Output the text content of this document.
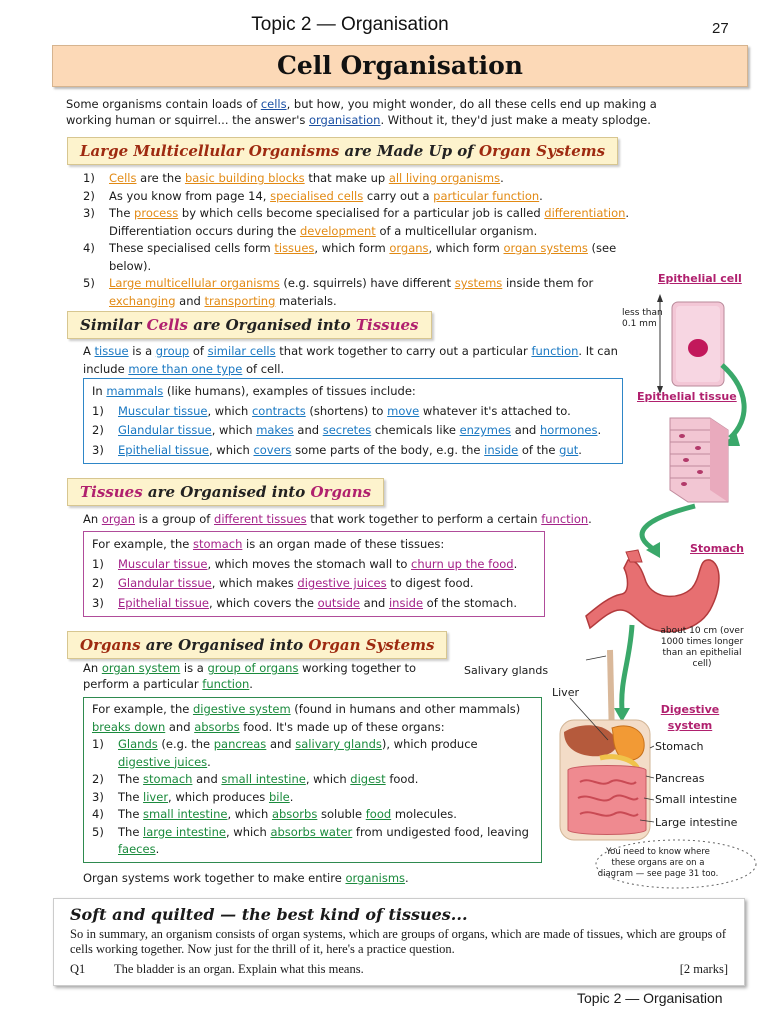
Topic 2 — Organisation	27
Cell Organisation
Some organisms contain loads of cells, but how, you might wonder, do all these cells end up making a working human or squirrel... the answer's organisation. Without it, they'd just make a meaty splodge.
Large Multicellular Organisms are Made Up of Organ Systems
1) Cells are the basic building blocks that make up all living organisms.
2) As you know from page 14, specialised cells carry out a particular function.
3) The process by which cells become specialised for a particular job is called differentiation. Differentiation occurs during the development of a multicellular organism.
4) These specialised cells form tissues, which form organs, which form organ systems (see below).
5) Large multicellular organisms (e.g. squirrels) have different systems inside them for exchanging and transporting materials.
Similar Cells are Organised into Tissues
A tissue is a group of similar cells that work together to carry out a particular function. It can include more than one type of cell.
In mammals (like humans), examples of tissues include:
1) Muscular tissue, which contracts (shortens) to move whatever it's attached to.
2) Glandular tissue, which makes and secretes chemicals like enzymes and hormones.
3) Epithelial tissue, which covers some parts of the body, e.g. the inside of the gut.
Tissues are Organised into Organs
An organ is a group of different tissues that work together to perform a certain function.
For example, the stomach is an organ made of these tissues:
1) Muscular tissue, which moves the stomach wall to churn up the food.
2) Glandular tissue, which makes digestive juices to digest food.
3) Epithelial tissue, which covers the outside and inside of the stomach.
Organs are Organised into Organ Systems
An organ system is a group of organs working together to perform a particular function.
For example, the digestive system (found in humans and other mammals) breaks down and absorbs food. It's made up of these organs:
1) Glands (e.g. the pancreas and salivary glands), which produce digestive juices.
2) The stomach and small intestine, which digest food.
3) The liver, which produces bile.
4) The small intestine, which absorbs soluble food molecules.
5) The large intestine, which absorbs water from undigested food, leaving faeces.
Organ systems work together to make entire organisms.
Epithelial cell
less than 0.1 mm
Epithelial tissue
Stomach
about 10 cm (over 1000 times longer than an epithelial cell)
Salivary glands
Liver
Digestive system
Stomach
Pancreas
Small intestine
Large intestine
You need to know where these organs are on a diagram — see page 31 too.
Soft and quilted — the best kind of tissues...
So in summary, an organism consists of organ systems, which are groups of organs, which are made of tissues, which are groups of cells working together. Now just for the thrill of it, here's a practice question.
Q1	The bladder is an organ. Explain what this means.	[2 marks]
Topic 2 — Organisation
